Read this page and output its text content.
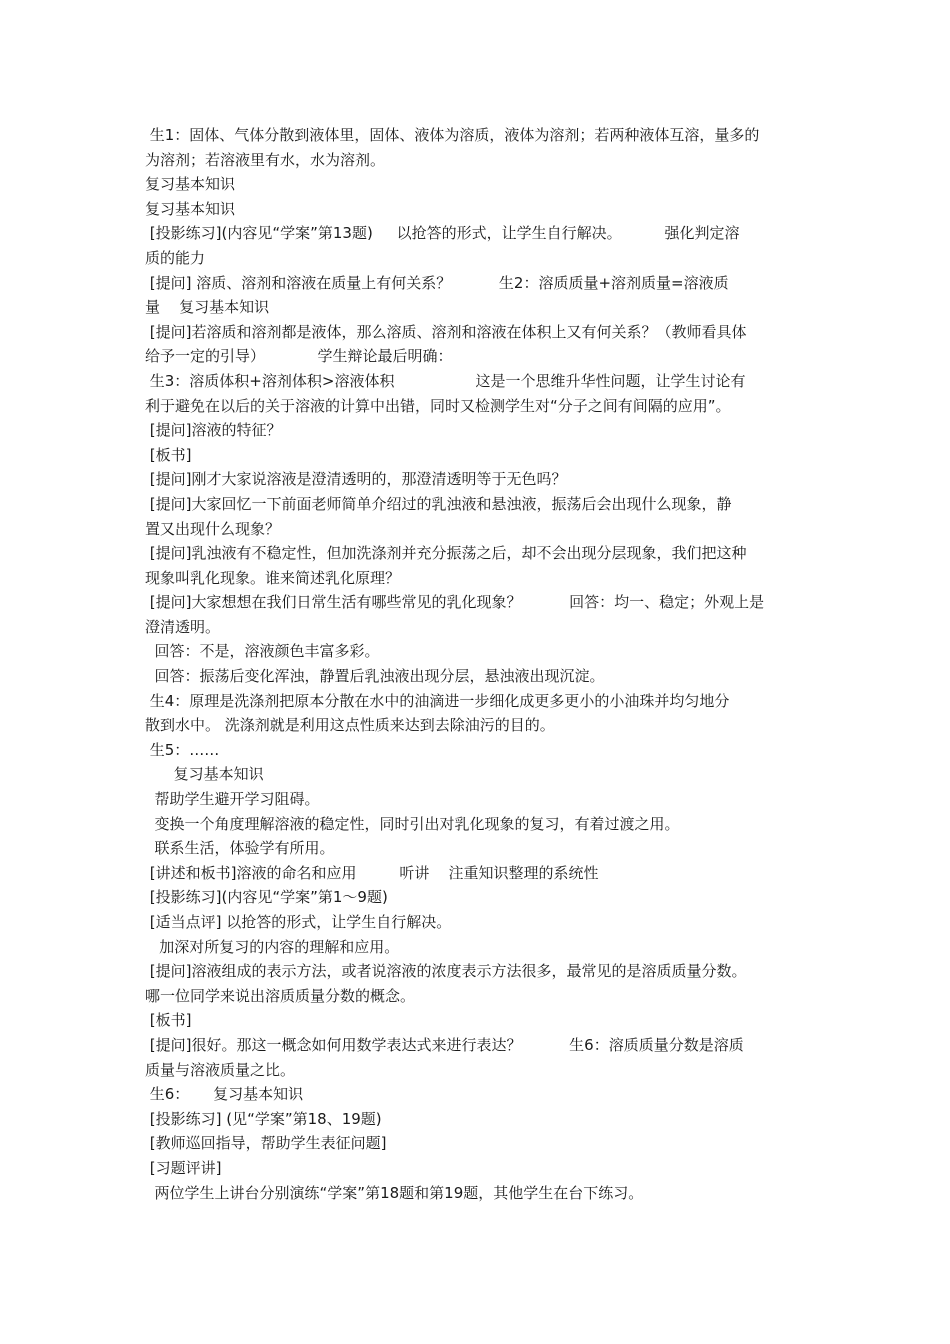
生1：固体、气体分散到液体里，固体、液体为溶质，液体为溶剂；若两种液体互溶，量多的
为溶剂；若溶液里有水，水为溶剂。
复习基本知识
复习基本知识
[投影练习](内容见“学案”第13题)     以抢答的形式，让学生自行解决。         强化判定溶
质的能力
[提问] 溶质、溶剂和溶液在质量上有何关系？          生2：溶质质量+溶剂质量=溶液质
量    复习基本知识
[提问]若溶质和溶剂都是液体，那么溶质、溶剂和溶液在体积上又有何关系？（教师看具体
给予一定的引导）           学生辩论最后明确：
生3：溶质体积+溶剂体积>溶液体积                 这是一个思维升华性问题，让学生讨论有
利于避免在以后的关于溶液的计算中出错，同时又检测学生对“分子之间有间隔的应用”。
[提问]溶液的特征？
[板书]
[提问]刚才大家说溶液是澄清透明的，那澄清透明等于无色吗？
[提问]大家回忆一下前面老师简单介绍过的乳浊液和悬浊液，振荡后会出现什么现象，静
置又出现什么现象？
[提问]乳浊液有不稳定性，但加洗涤剂并充分振荡之后，却不会出现分层现象，我们把这种
现象叫乳化现象。谁来简述乳化原理？
[提问]大家想想在我们日常生活有哪些常见的乳化现象？          回答：均一、稳定；外观上是
澄清透明。
回答：不是，溶液颜色丰富多彩。
回答：振荡后变化浑浊，静置后乳浊液出现分层，悬浊液出现沉淀。
生4：原理是洗涤剂把原本分散在水中的油滴进一步细化成更多更小的小油珠并均匀地分
散到水中。 洗涤剂就是利用这点性质来达到去除油污的目的。
生5：……
复习基本知识
帮助学生避开学习阻碍。
变换一个角度理解溶液的稳定性，同时引出对乳化现象的复习，有着过渡之用。
联系生活，体验学有所用。
[讲述和板书]溶液的命名和应用         听讲    注重知识整理的系统性
[投影练习](内容见“学案”第1～9题)
[适当点评] 以抢答的形式，让学生自行解决。
加深对所复习的内容的理解和应用。
[提问]溶液组成的表示方法，或者说溶液的浓度表示方法很多，最常见的是溶质质量分数。
哪一位同学来说出溶质质量分数的概念。
[板书]
[提问]很好。那这一概念如何用数学表达式来进行表达？          生6：溶质质量分数是溶质
质量与溶液质量之比。
生6：     复习基本知识
[投影练习] (见“学案”第18、19题)
[教师巡回指导，帮助学生表征问题]
[习题评讲]
两位学生上讲台分别演练“学案”第18题和第19题，其他学生在台下练习。
